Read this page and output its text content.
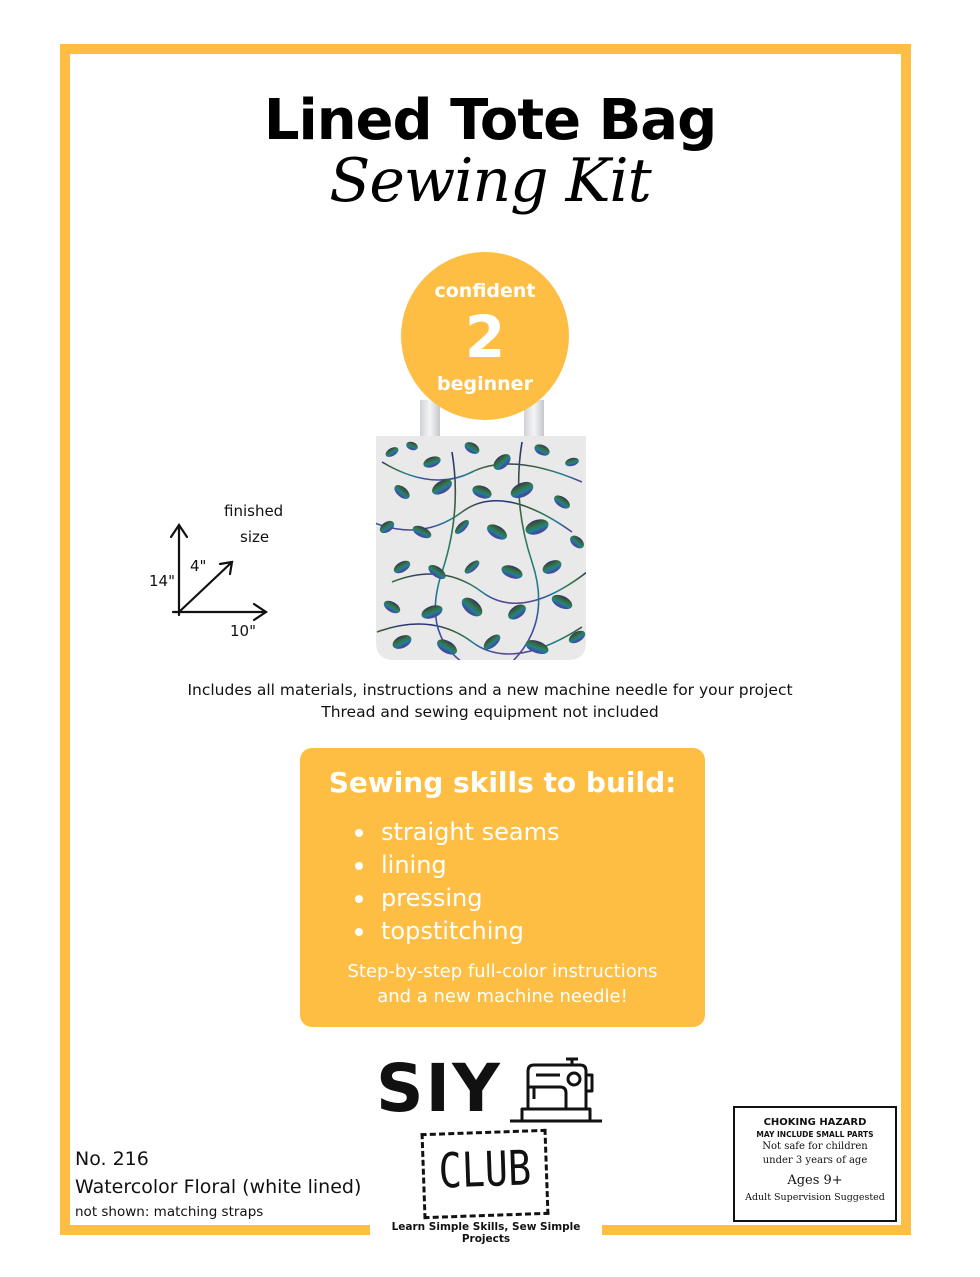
Lined Tote Bag
Sewing Kit
confident
2
beginner
finished
size
14"
4"
10"
Includes all materials, instructions and a new machine needle for your project
Thread and sewing equipment not included
Sewing skills to build:
straight seams
lining
pressing
topstitching
Step-by-step full-color instructions
and a new machine needle!
SIY
CLUB
Learn Simple Skills, Sew Simple Projects
No. 216
Watercolor Floral (white lined)
not shown: matching straps
CHOKING HAZARD
MAY INCLUDE SMALL PARTS
Not safe for children
under 3 years of age
Ages 9+
Adult Supervision Suggested
